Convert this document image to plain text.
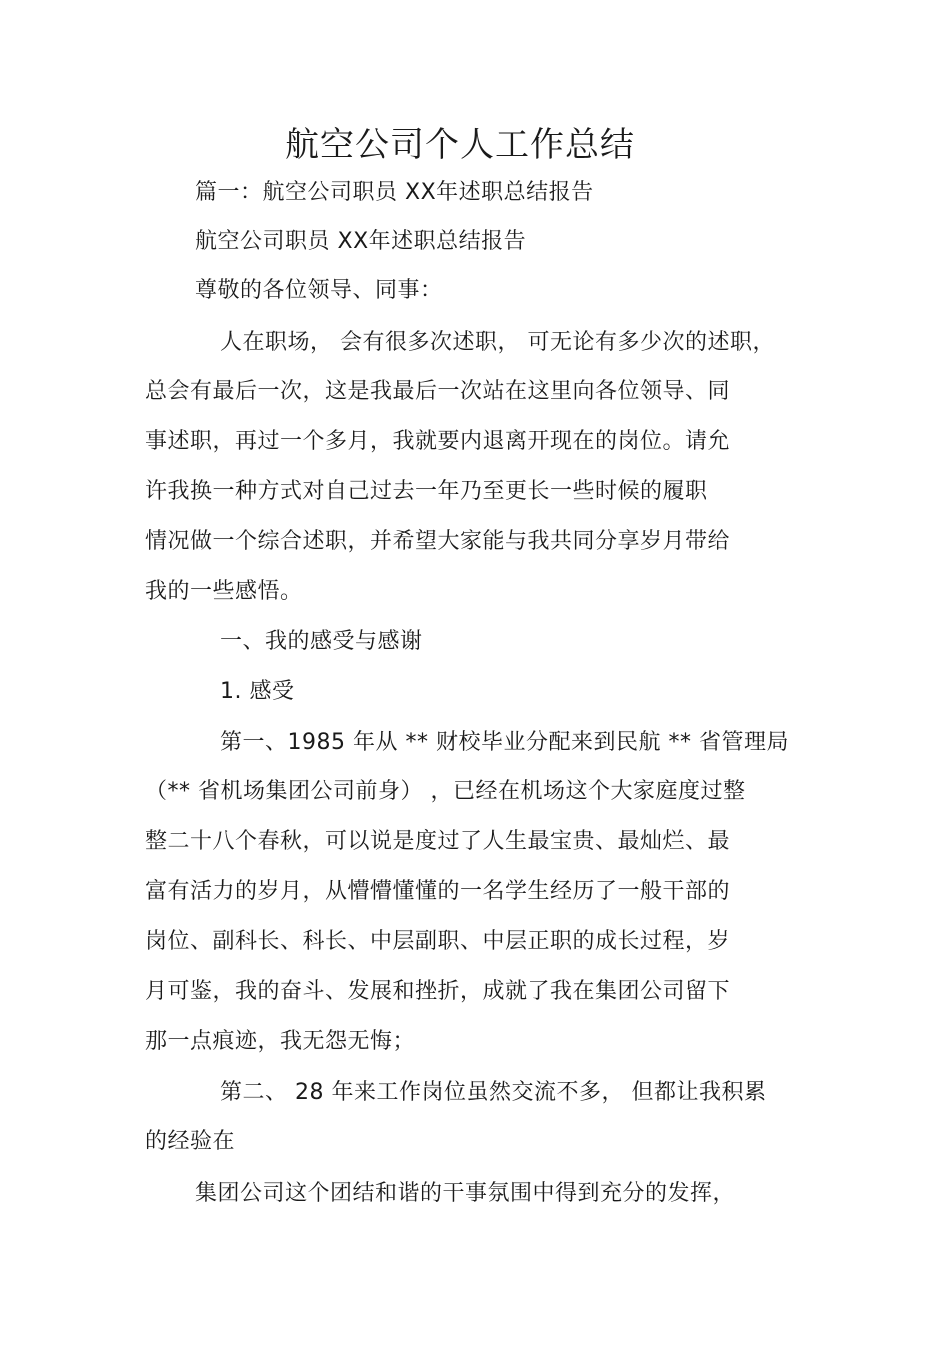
航空公司个人工作总结
篇一：航空公司职员 XX年述职总结报告
航空公司职员 XX年述职总结报告
尊敬的各位领导、同事：
人在职场， 会有很多次述职， 可无论有多少次的述职，
总会有最后一次，这是我最后一次站在这里向各位领导、同
事述职，再过一个多月，我就要内退离开现在的岗位。请允
许我换一种方式对自己过去一年乃至更长一些时候的履职
情况做一个综合述职，并希望大家能与我共同分享岁月带给
我的一些感悟。
一、我的感受与感谢
1. 感受
第一、1985 年从 ** 财校毕业分配来到民航 ** 省管理局
（** 省机场集团公司前身） ，已经在机场这个大家庭度过整
整二十八个春秋，可以说是度过了人生最宝贵、最灿烂、最
富有活力的岁月，从懵懵懂懂的一名学生经历了一般干部的
岗位、副科长、科长、中层副职、中层正职的成长过程，岁
月可鉴，我的奋斗、发展和挫折，成就了我在集团公司留下
那一点痕迹，我无怨无悔；
第二、 28 年来工作岗位虽然交流不多， 但都让我积累
的经验在
集团公司这个团结和谐的干事氛围中得到充分的发挥，
